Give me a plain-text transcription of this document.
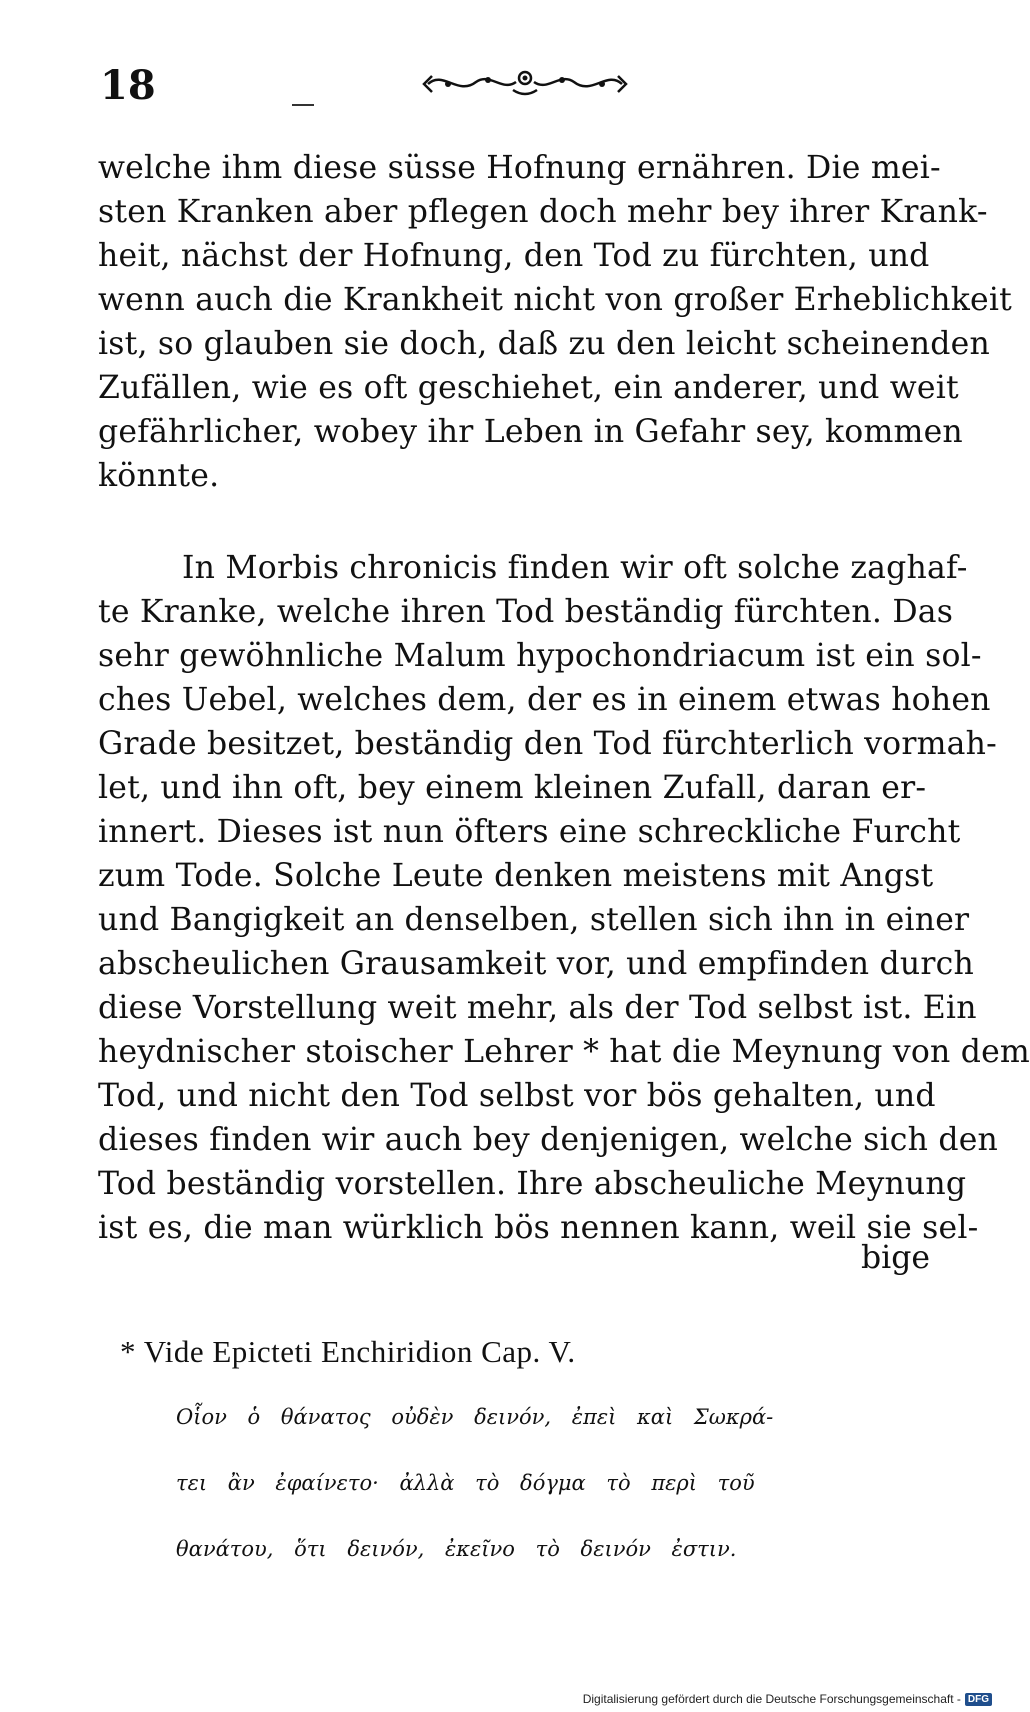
18
welche ihm diese süsse Hofnung ernähren. Die mei-
sten Kranken aber pflegen doch mehr bey ihrer Krank-
heit, nächst der Hofnung, den Tod zu fürchten, und
wenn auch die Krankheit nicht von großer Erheblichkeit
ist, so glauben sie doch, daß zu den leicht scheinenden
Zufällen, wie es oft geschiehet, ein anderer, und weit
gefährlicher, wobey ihr Leben in Gefahr sey, kommen
könnte.
In Morbis chronicis finden wir oft solche zaghaf-
te Kranke, welche ihren Tod beständig fürchten. Das
sehr gewöhnliche Malum hypochondriacum ist ein sol-
ches Uebel, welches dem, der es in einem etwas hohen
Grade besitzet, beständig den Tod fürchterlich vormah-
let, und ihn oft, bey einem kleinen Zufall, daran er-
innert. Dieses ist nun öfters eine schreckliche Furcht
zum Tode. Solche Leute denken meistens mit Angst
und Bangigkeit an denselben, stellen sich ihn in einer
abscheulichen Grausamkeit vor, und empfinden durch
diese Vorstellung weit mehr, als der Tod selbst ist. Ein
heydnischer stoischer Lehrer * hat die Meynung von dem
Tod, und nicht den Tod selbst vor bös gehalten, und
dieses finden wir auch bey denjenigen, welche sich den
Tod beständig vorstellen. Ihre abscheuliche Meynung
ist es, die man würklich bös nennen kann, weil sie sel-
bige
* Vide Epicteti Enchiridion Cap. V.
Οἷον ὁ θάνατος οὐδὲν δεινόν, ἐπεὶ καὶ Σωκρά-
τει ἂν ἐφαίνετο· ἀλλὰ τὸ δόγμα τὸ περὶ τοῦ
θανάτου, ὅτι δεινόν, ἐκεῖνο τὸ δεινόν ἐστιν.
Digitalisierung gefördert durch die Deutsche Forschungsgemeinschaft - DFG
